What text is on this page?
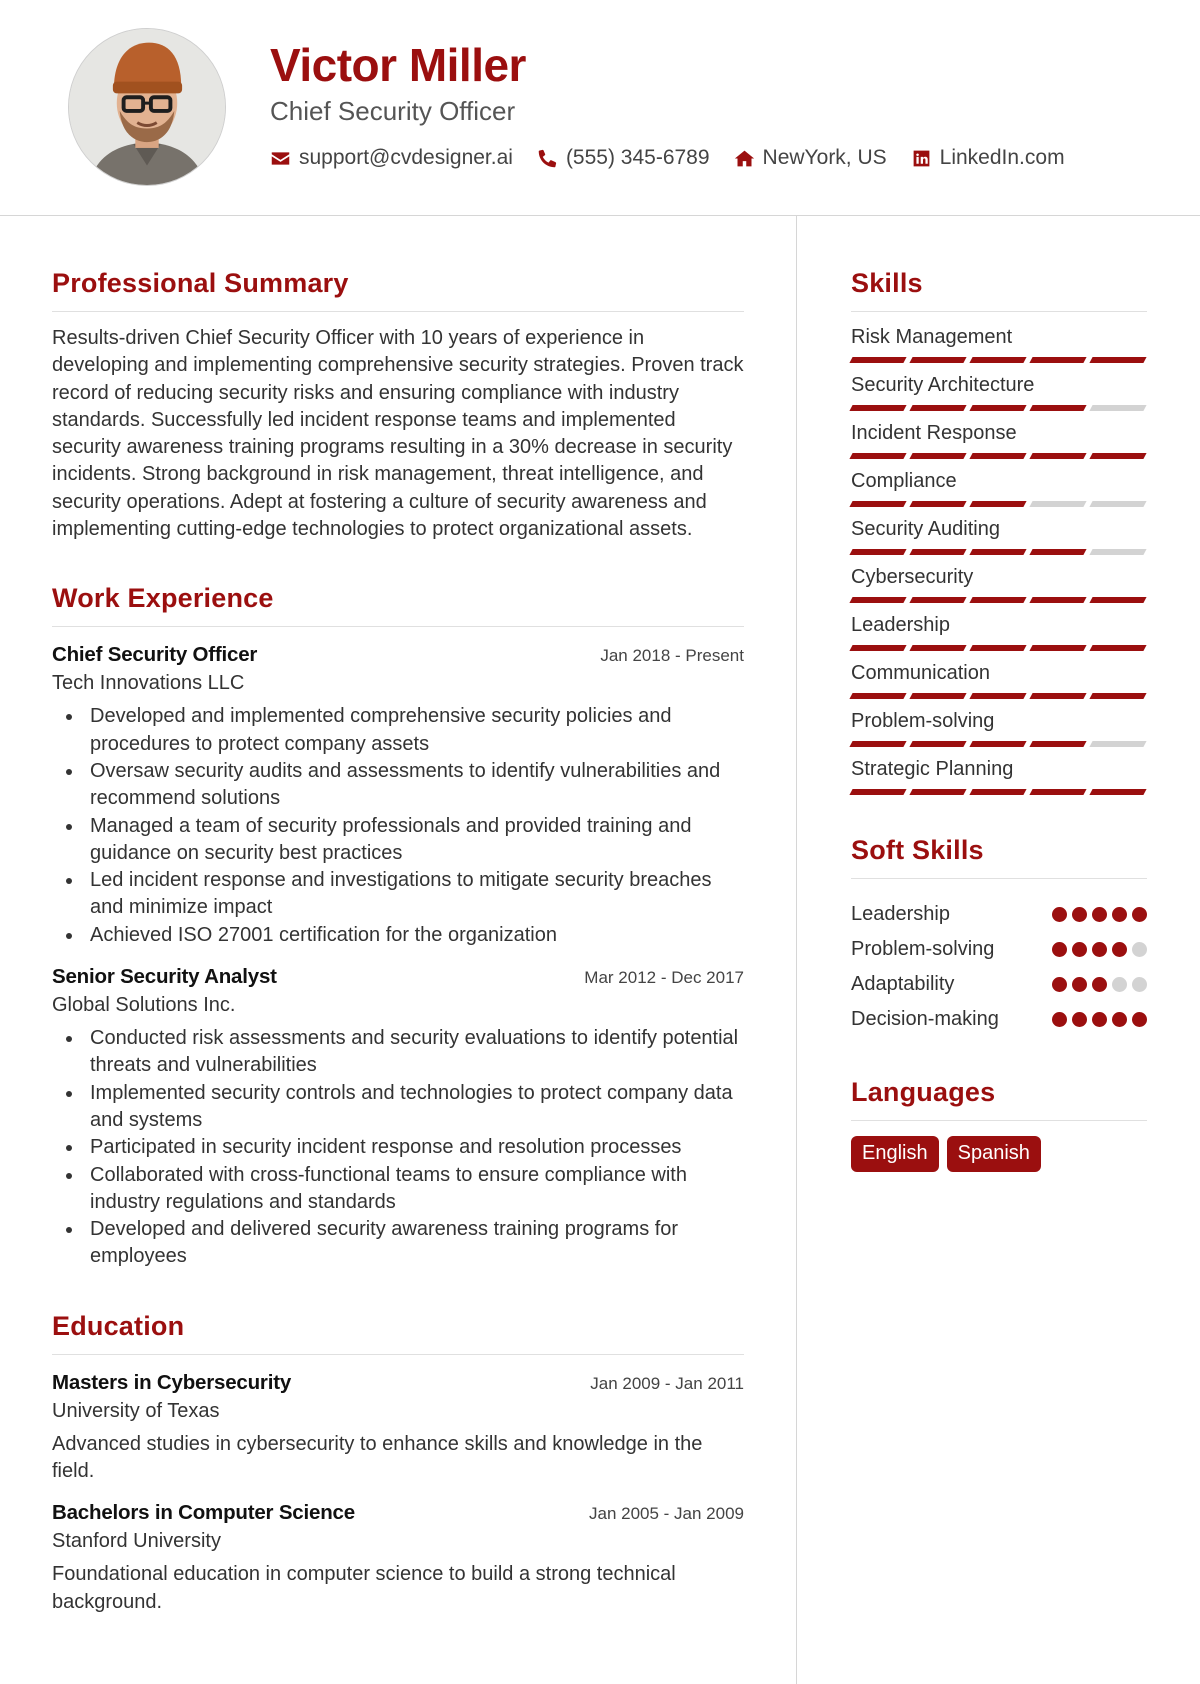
Victor Miller
Chief Security Officer
support@cvdesigner.ai	(555) 345-6789	NewYork, US	LinkedIn.com
Professional Summary

Results-driven Chief Security Officer with 10 years of experience in developing and implementing comprehensive security strategies. Proven track record of reducing security risks and ensuring compliance with industry standards. Successfully led incident response teams and implemented security awareness training programs resulting in a 30% decrease in security incidents. Strong background in risk management, threat intelligence, and security operations. Adept at fostering a culture of security awareness and implementing cutting-edge technologies to protect organizational assets.

Work Experience
Chief Security Officer	Jan 2018 - Present
Tech Innovations LLC
Developed and implemented comprehensive security policies and procedures to protect company assets
Oversaw security audits and assessments to identify vulnerabilities and recommend solutions
Managed a team of security professionals and provided training and guidance on security best practices
Led incident response and investigations to mitigate security breaches and minimize impact
Achieved ISO 27001 certification for the organization
Senior Security Analyst	Mar 2012 - Dec 2017
Global Solutions Inc.
Conducted risk assessments and security evaluations to identify potential threats and vulnerabilities
Implemented security controls and technologies to protect company data and systems
Participated in security incident response and resolution processes
Collaborated with cross-functional teams to ensure compliance with industry regulations and standards
Developed and delivered security awareness training programs for employees
Education
Masters in Cybersecurity	Jan 2009 - Jan 2011
University of Texas

Advanced studies in cybersecurity to enhance skills and knowledge in the field.

Bachelors in Computer Science	Jan 2005 - Jan 2009
Stanford University

Foundational education in computer science to build a strong technical background.

Skills
Risk Management
Security Architecture
Incident Response
Compliance
Security Auditing
Cybersecurity
Leadership
Communication
Problem-solving
Strategic Planning
Soft Skills
Leadership
Problem-solving
Adaptability
Decision-making
Languages
English	Spanish
